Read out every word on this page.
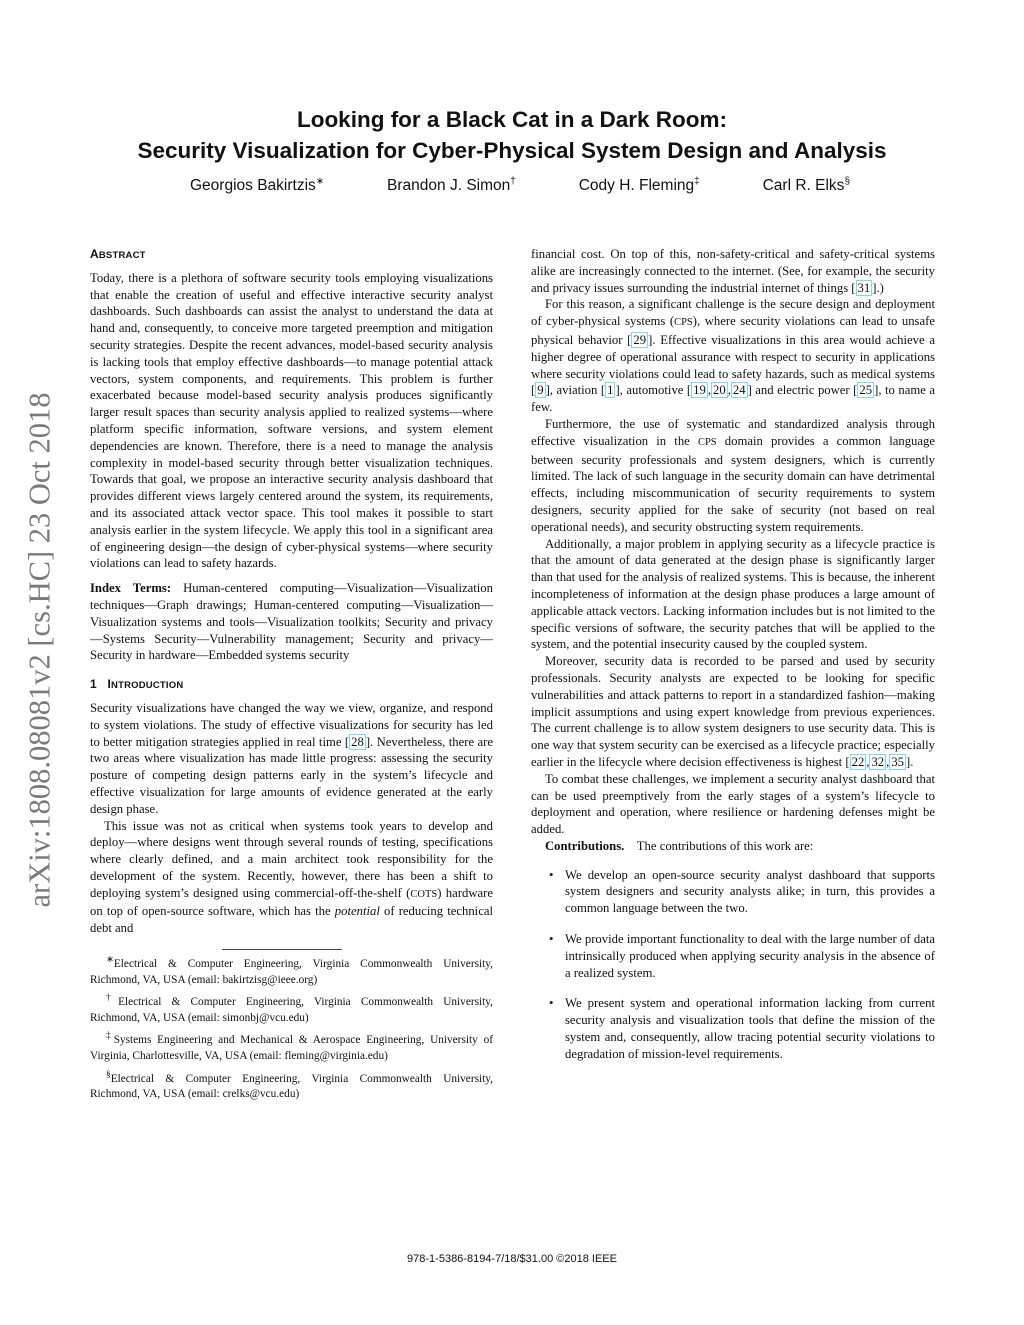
Looking for a Black Cat in a Dark Room:
Security Visualization for Cyber-Physical System Design and Analysis
Georgios Bakirtzis∗	Brandon J. Simon†	Cody H. Fleming‡	Carl R. Elks§
arXiv:1808.08081v2 [cs.HC] 23 Oct 2018
ABSTRACT

Today, there is a plethora of software security tools employing visualizations that enable the creation of useful and effective interactive security analyst dashboards. Such dashboards can assist the analyst to understand the data at hand and, consequently, to conceive more targeted preemption and mitigation security strategies. Despite the recent advances, model-based security analysis is lacking tools that employ effective dashboards—to manage potential attack vectors, system components, and requirements. This problem is further exacerbated because model-based security analysis produces significantly larger result spaces than security analysis applied to realized systems—where platform specific information, software versions, and system element dependencies are known. Therefore, there is a need to manage the analysis complexity in model-based security through better visualization techniques. Towards that goal, we propose an interactive security analysis dashboard that provides different views largely centered around the system, its requirements, and its associated attack vector space. This tool makes it possible to start analysis earlier in the system lifecycle. We apply this tool in a significant area of engineering design—the design of cyber-physical systems—where security violations can lead to safety hazards.

Index Terms: Human-centered computing—Visualization—Visualization techniques—Graph drawings; Human-centered computing—Visualization—Visualization systems and tools—Visualization toolkits; Security and privacy—Systems Security—Vulnerability management; Security and privacy—Security in hardware—Embedded systems security

1 INTRODUCTION

Security visualizations have changed the way we view, organize, and respond to system violations. The study of effective visualizations for security has led to better mitigation strategies applied in real time [ 28 ]. Nevertheless, there are two areas where visualization has made little progress: assessing the security posture of competing design patterns early in the system’s lifecycle and effective visualization for large amounts of evidence generated at the early design phase.

This issue was not as critical when systems took years to develop and deploy—where designs went through several rounds of testing, specifications where clearly defined, and a main architect took responsibility for the development of the system. Recently, however, there has been a shift to deploying system’s designed using commercial-off-the-shelf (COTS) hardware on top of open-source software, which has the potential of reducing technical debt and

∗Electrical & Computer Engineering, Virginia Commonwealth University, Richmond, VA, USA (email: bakirtzisg@ieee.org)

†Electrical & Computer Engineering, Virginia Commonwealth University, Richmond, VA, USA (email: simonbj@vcu.edu)

‡Systems Engineering and Mechanical & Aerospace Engineering, University of Virginia, Charlottesville, VA, USA (email: fleming@virginia.edu)

§Electrical & Computer Engineering, Virginia Commonwealth University, Richmond, VA, USA (email: crelks@vcu.edu)

financial cost. On top of this, non-safety-critical and safety-critical systems alike are increasingly connected to the internet. (See, for example, the security and privacy issues surrounding the industrial internet of things [ 31 ].)

For this reason, a significant challenge is the secure design and deployment of cyber-physical systems (CPS), where security violations can lead to unsafe physical behavior [ 29 ]. Effective visualizations in this area would achieve a higher degree of operational assurance with respect to security in applications where security violations could lead to safety hazards, such as medical systems [ 9 ], aviation [ 1 ], automotive [ 19 , 20 , 24 ] and electric power [ 25 ], to name a few.

Furthermore, the use of systematic and standardized analysis through effective visualization in the CPS domain provides a common language between security professionals and system designers, which is currently limited. The lack of such language in the security domain can have detrimental effects, including miscommunication of security requirements to system designers, security applied for the sake of security (not based on real operational needs), and security obstructing system requirements.

Additionally, a major problem in applying security as a lifecycle practice is that the amount of data generated at the design phase is significantly larger than that used for the analysis of realized systems. This is because, the inherent incompleteness of information at the design phase produces a large amount of applicable attack vectors. Lacking information includes but is not limited to the specific versions of software, the security patches that will be applied to the system, and the potential insecurity caused by the coupled system.

Moreover, security data is recorded to be parsed and used by security professionals. Security analysts are expected to be looking for specific vulnerabilities and attack patterns to report in a standardized fashion—making implicit assumptions and using expert knowledge from previous experiences. The current challenge is to allow system designers to use security data. This is one way that system security can be exercised as a lifecycle practice; especially earlier in the lifecycle where decision effectiveness is highest [ 22 , 32 , 35 ].

To combat these challenges, we implement a security analyst dashboard that can be used preemptively from the early stages of a system’s lifecycle to deployment and operation, where resilience or hardening defenses might be added.

Contributions. The contributions of this work are:

• We develop an open-source security analyst dashboard that supports system designers and security analysts alike; in turn, this provides a common language between the two.
• We provide important functionality to deal with the large number of data intrinsically produced when applying security analysis in the absence of a realized system.
• We present system and operational information lacking from current security analysis and visualization tools that define the mission of the system and, consequently, allow tracing potential security violations to degradation of mission-level requirements.
978-1-5386-8194-7/18/$31.00 ©2018 IEEE
